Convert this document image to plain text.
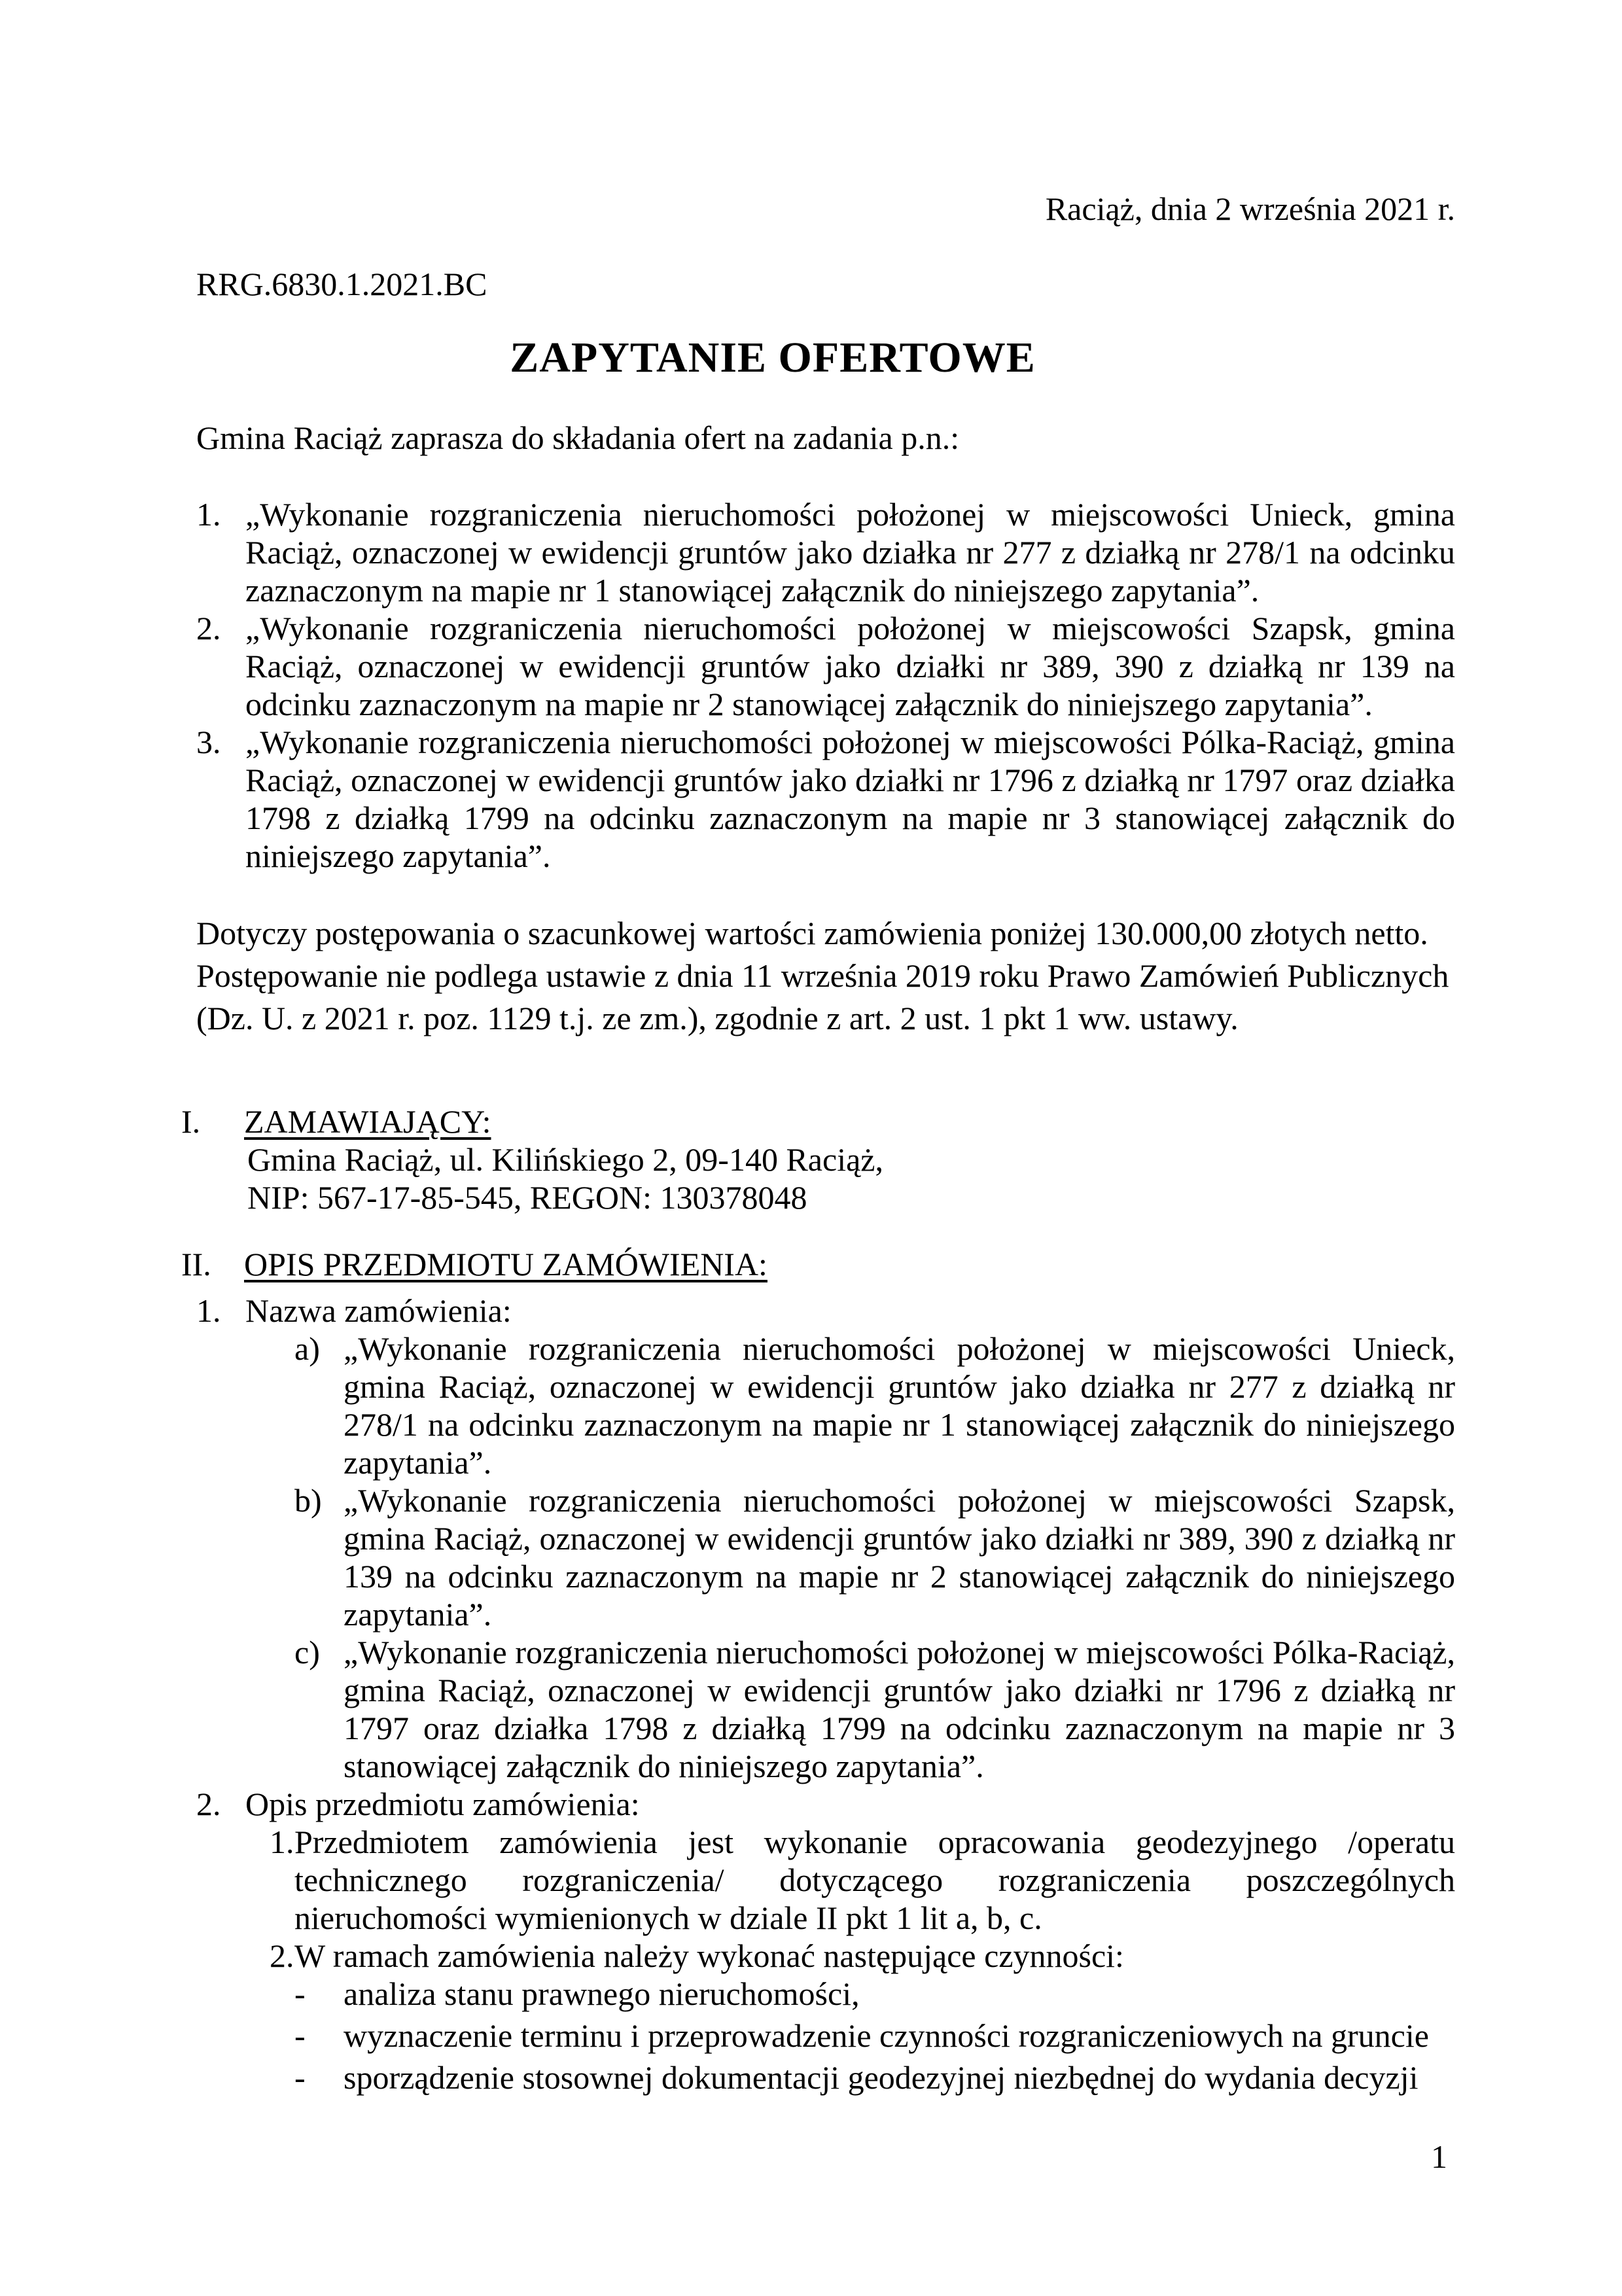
Raciąż, dnia 2 września 2021 r.
RRG.6830.1.2021.BC
ZAPYTANIE OFERTOWE
Gmina Raciąż zaprasza do składania ofert na zadania p.n.:
1. „Wykonanie rozgraniczenia nieruchomości położonej w miejscowości Unieck, gmina Raciąż, oznaczonej w ewidencji gruntów jako działka nr 277 z działką nr 278/1 na odcinku zaznaczonym na mapie nr 1 stanowiącej załącznik do niniejszego zapytania”.
2. „Wykonanie rozgraniczenia nieruchomości położonej w miejscowości Szapsk, gmina Raciąż, oznaczonej w ewidencji gruntów jako działki nr 389, 390 z działką nr 139 na odcinku zaznaczonym na mapie nr 2 stanowiącej załącznik do niniejszego zapytania”.
3. „Wykonanie rozgraniczenia nieruchomości położonej w miejscowości Pólka-Raciąż, gmina Raciąż, oznaczonej w ewidencji gruntów jako działki nr 1796 z działką nr 1797 oraz działka 1798 z działką 1799 na odcinku zaznaczonym na mapie nr 3 stanowiącej załącznik do niniejszego zapytania”.
Dotyczy postępowania o szacunkowej wartości zamówienia poniżej 130.000,00 złotych netto.
Postępowanie nie podlega ustawie z dnia 11 września 2019 roku Prawo Zamówień Publicznych
(Dz. U. z 2021 r. poz. 1129 t.j. ze zm.), zgodnie z art. 2 ust. 1 pkt 1 ww. ustawy.
I.	ZAMAWIAJĄCY:
Gmina Raciąż, ul. Kilińskiego 2, 09-140 Raciąż,
NIP: 567-17-85-545, REGON: 130378048
II.	OPIS PRZEDMIOTU ZAMÓWIENIA:
1. Nazwa zamówienia:
a) „Wykonanie rozgraniczenia nieruchomości położonej w miejscowości Unieck, gmina Raciąż, oznaczonej w ewidencji gruntów jako działka nr 277 z działką nr 278/1 na odcinku zaznaczonym na mapie nr 1 stanowiącej załącznik do niniejszego zapytania”.
b) „Wykonanie rozgraniczenia nieruchomości położonej w miejscowości Szapsk, gmina Raciąż, oznaczonej w ewidencji gruntów jako działki nr 389, 390 z działką nr 139 na odcinku zaznaczonym na mapie nr 2 stanowiącej załącznik do niniejszego zapytania”.
c) „Wykonanie rozgraniczenia nieruchomości położonej w miejscowości Pólka-Raciąż, gmina Raciąż, oznaczonej w ewidencji gruntów jako działki nr 1796 z działką nr 1797 oraz działka 1798 z działką 1799 na odcinku zaznaczonym na mapie nr 3 stanowiącej załącznik do niniejszego zapytania”.
2. Opis przedmiotu zamówienia:
1. Przedmiotem zamówienia jest wykonanie opracowania geodezyjnego /operatu technicznego rozgraniczenia/ dotyczącego rozgraniczenia poszczególnych nieruchomości wymienionych w dziale II pkt 1 lit a, b, c.
2. W ramach zamówienia należy wykonać następujące czynności:
-	analiza stanu prawnego nieruchomości,
-	wyznaczenie terminu i przeprowadzenie czynności rozgraniczeniowych na gruncie
-	sporządzenie stosownej dokumentacji geodezyjnej niezbędnej do wydania decyzji
1
